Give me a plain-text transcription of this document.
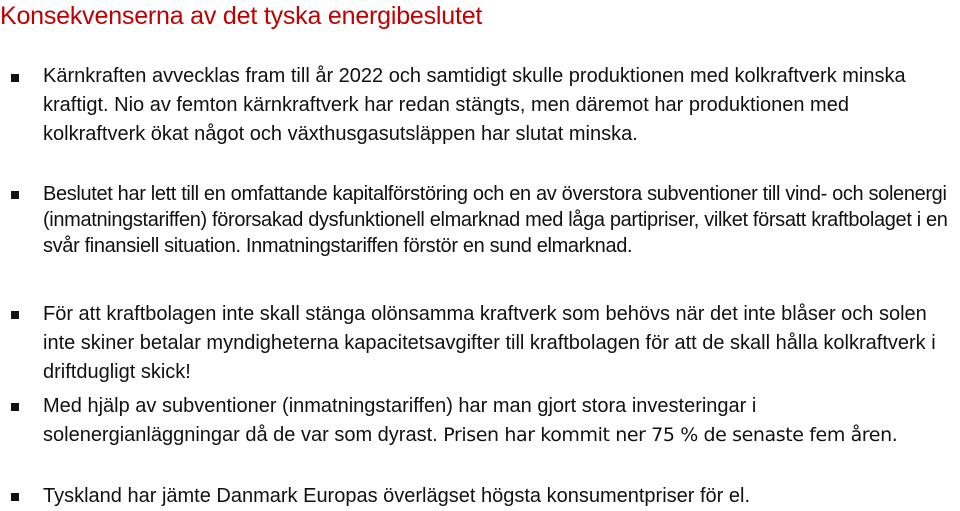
Konsekvenserna av det tyska energibeslutet

Kärnkraften avvecklas fram till år 2022 och samtidigt skulle produktionen med kolkraftverk minska kraftigt. Nio av femton kärnkraftverk har redan stängts, men däremot har produktionen med kolkraftverk ökat något och växthusgasutsläppen har slutat minska.

Beslutet har lett till en omfattande kapitalförstöring och en av överstora subventioner till vind- och solenergi (inmatningstariffen) förorsakad dysfunktionell elmarknad med låga partipriser, vilket försatt kraftbolaget i en svår finansiell situation. Inmatningstariffen förstör en sund elmarknad.

För att kraftbolagen inte skall stänga olönsamma kraftverk som behövs när det inte blåser och solen inte skiner betalar myndigheterna kapacitetsavgifter till kraftbolagen för att de skall hålla kolkraftverk i driftdugligt skick!

Med hjälp av subventioner (inmatningstariffen) har man gjort stora investeringar i solenergianläggningar då de var som dyrast. Prisen har kommit ner 75 % de senaste fem åren.

Tyskland har jämte Danmark Europas överlägset högsta konsumentpriser för el.
